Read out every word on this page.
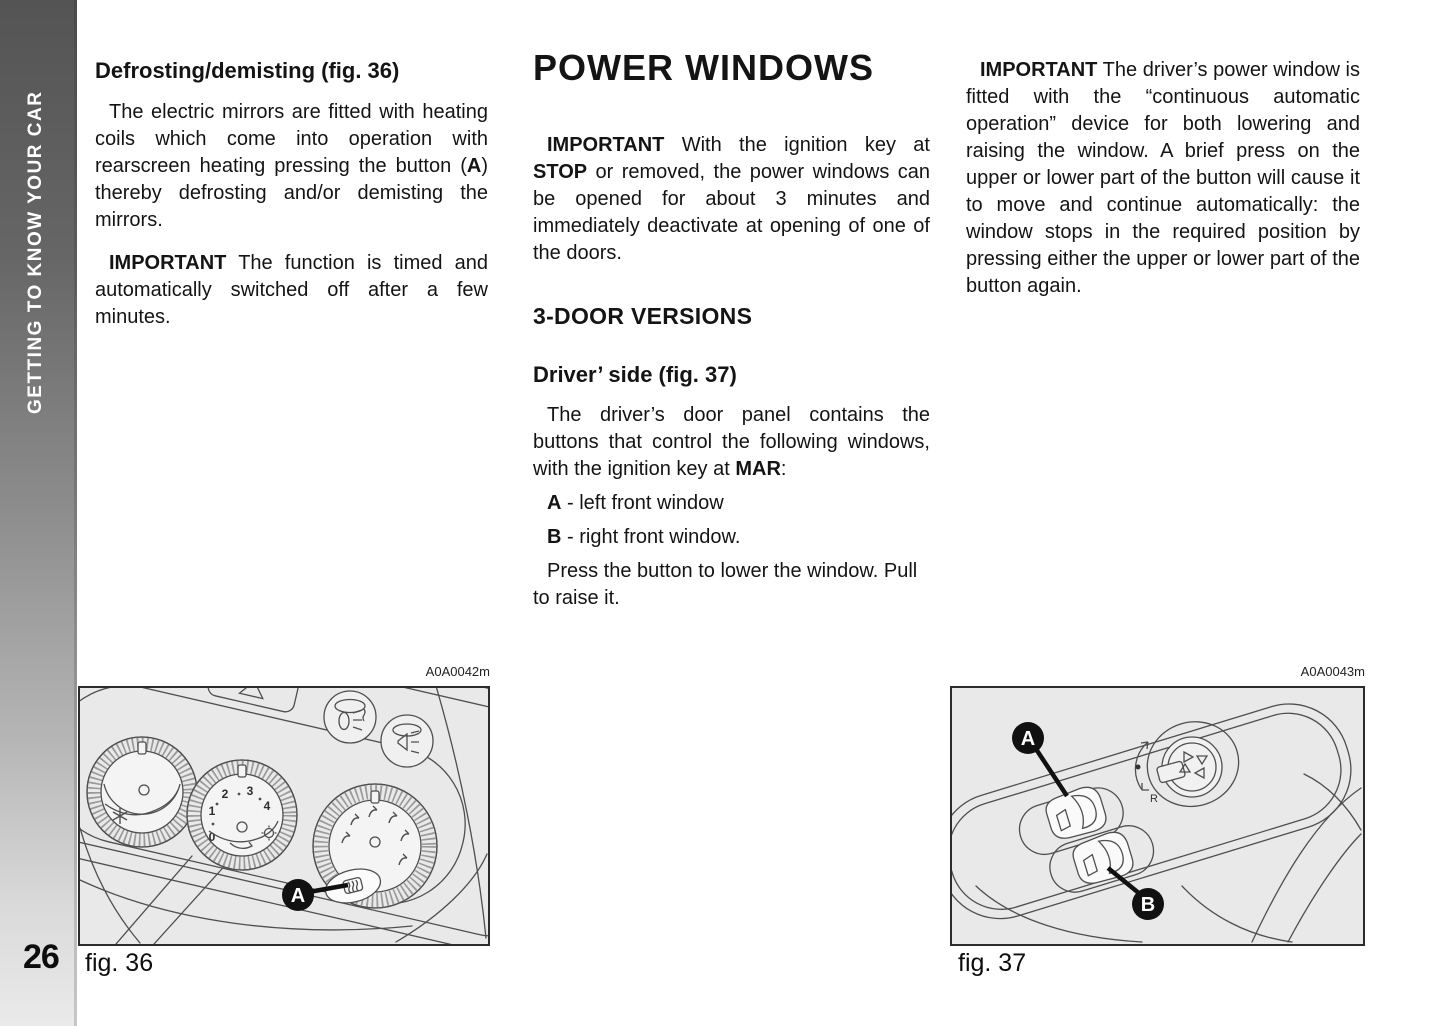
GETTING TO KNOW YOUR CAR
26
Defrosting/demisting (fig. 36)

The electric mirrors are fitted with heating coils which come into operation with rearscreen heating pressing the button (A) thereby defrosting and/or demisting the mirrors.

IMPORTANT The function is timed and automatically switched off after a few minutes.

POWER WINDOWS

IMPORTANT With the ignition key at STOP or removed, the power windows can be opened for about 3 minutes and immediately deactivate at opening of one of the doors.

3-DOOR VERSIONS
Driver’ side (fig. 37)

The driver’s door panel contains the buttons that control the following windows, with the ignition key at MAR:

A - left front window

B - right front window.

Press the button to lower the window. Pull to raise it.

IMPORTANT The driver’s power window is fitted with the “continuous automatic operation” device for both lowering and raising the window. A brief press on the upper or lower part of the button will cause it to move and continue automatically: the window stops in the required position by pressing either the upper or lower part of the button again.

A0A0042m
0
1
2 3
4
A
fig. 36
A0A0043m
R
A
B
fig. 37
